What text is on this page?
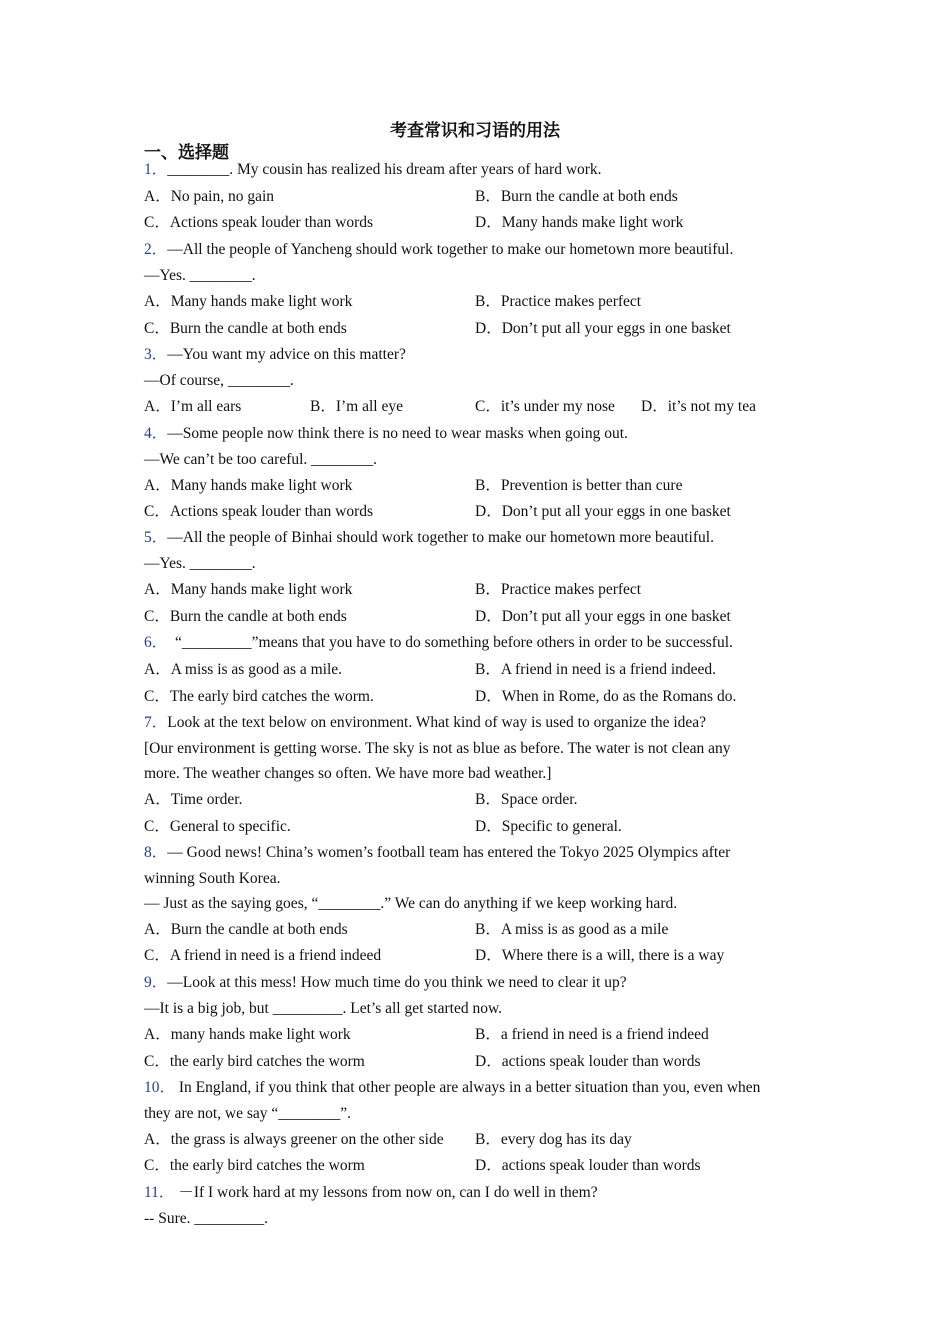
考查常识和习语的用法
一、选择题
1．________. My cousin has realized his dream after years of hard work.
A．No pain, no gain	B．Burn the candle at both ends
C．Actions speak louder than words	D．Many hands make light work
2．—All the people of Yancheng should work together to make our hometown more beautiful.
—Yes. ________.
A．Many hands make light work	B．Practice makes perfect
C．Burn the candle at both ends	D．Don’t put all your eggs in one basket
3．—You want my advice on this matter?
—Of course, ________.
A．I’m all ears	B．I’m all eye	C．it’s under my nose D．it’s not my tea
4．—Some people now think there is no need to wear masks when going out.
—We can’t be too careful. ________.
A．Many hands make light work	B．Prevention is better than cure
C．Actions speak louder than words	D．Don’t put all your eggs in one basket
5．—All the people of Binhai should work together to make our hometown more beautiful.
—Yes. ________.
A．Many hands make light work	B．Practice makes perfect
C．Burn the candle at both ends	D．Don’t put all your eggs in one basket
6． “_________”means that you have to do something before others in order to be successful.
A．A miss is as good as a mile.	B．A friend in need is a friend indeed.
C．The early bird catches the worm.	D．When in Rome, do as the Romans do.
7．Look at the text below on environment. What kind of way is used to organize the idea?
[Our environment is getting worse. The sky is not as blue as before. The water is not clean any
more. The weather changes so often. We have more bad weather.]
A．Time order.	B．Space order.
C．General to specific.	D．Specific to general.
8．— Good news! China’s women’s football team has entered the Tokyo 2025 Olympics after
winning South Korea.
— Just as the saying goes, “________.” We can do anything if we keep working hard.
A．Burn the candle at both ends	B．A miss is as good as a mile
C．A friend in need is a friend indeed	D．Where there is a will, there is a way
9．—Look at this mess! How much time do you think we need to clear it up?
—It is a big job, but _________. Let’s all get started now.
A．many hands make light work	B．a friend in need is a friend indeed
C．the early bird catches the worm	D．actions speak louder than words
10． In England, if you think that other people are always in a better situation than you, even when
they are not, we say “________”.
A．the grass is always greener on the other side B．every dog has its day
C．the early bird catches the worm	D．actions speak louder than words
11． －If I work hard at my lessons from now on, can I do well in them?
-- Sure. _________.
